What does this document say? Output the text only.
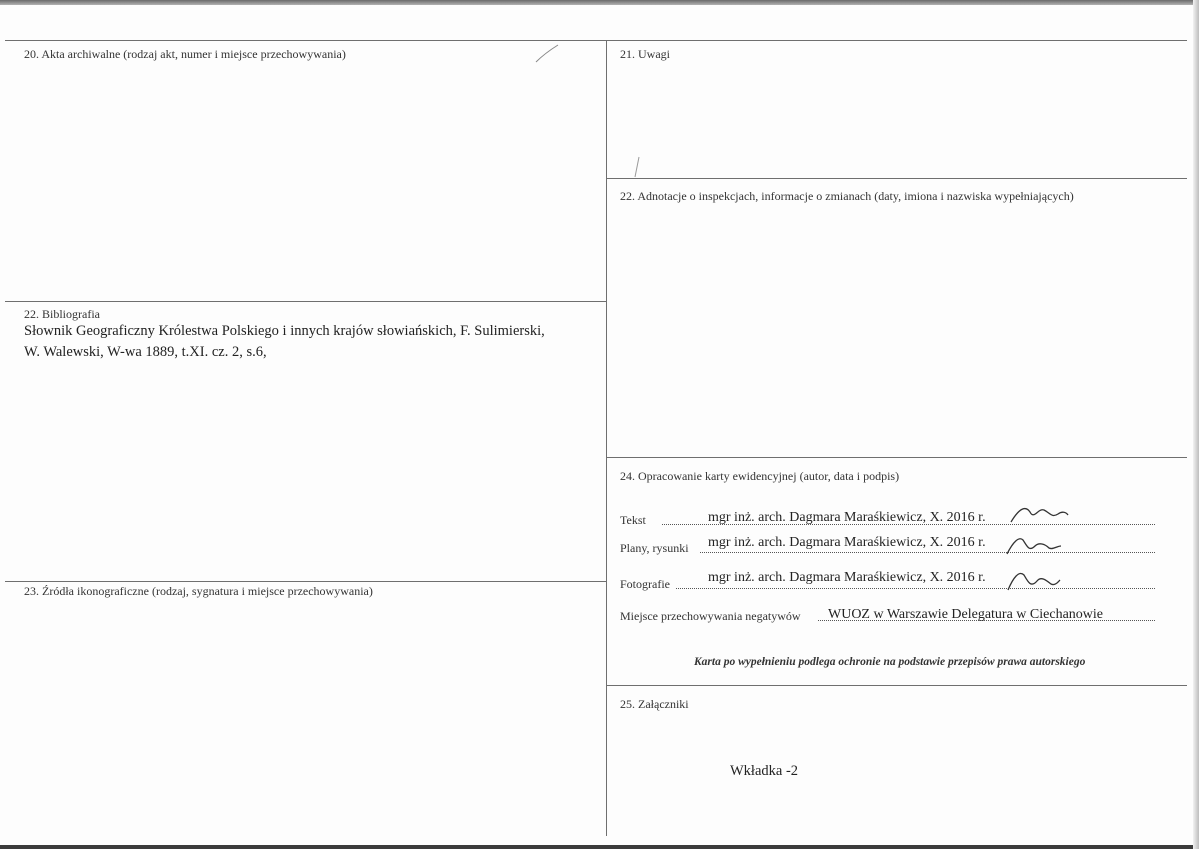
20. Akta archiwalne (rodzaj akt, numer i miejsce przechowywania)
22. Bibliografia
Słownik Geograficzny Królestwa Polskiego i innych krajów słowiańskich, F. Sulimierski,
W. Walewski, W-wa 1889, t.XI. cz. 2, s.6,
23. Źródła ikonograficzne (rodzaj, sygnatura i miejsce przechowywania)
21. Uwagi
22. Adnotacje o inspekcjach, informacje o zmianach (daty, imiona i nazwiska wypełniających)
24. Opracowanie karty ewidencyjnej (autor, data i podpis)
Tekst	mgr inż. arch. Dagmara Maraśkiewicz, X. 2016 r.
Plany, rysunki mgr inż. arch. Dagmara Maraśkiewicz, X. 2016 r.
Fotografie	mgr inż. arch. Dagmara Maraśkiewicz, X. 2016 r.
Miejsce przechowywania negatywów WUOZ w Warszawie Delegatura w Ciechanowie
Karta po wypełnieniu podlega ochronie na podstawie przepisów prawa autorskiego
25. Załączniki
Wkładka -2
